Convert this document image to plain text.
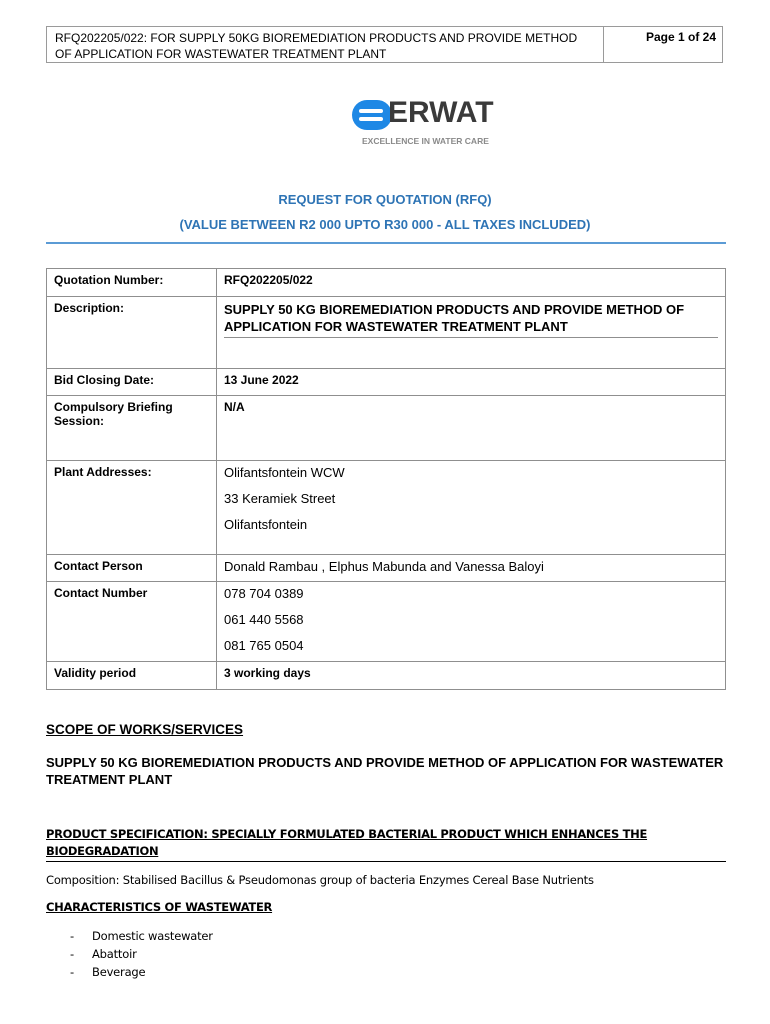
RFQ202205/022: FOR SUPPLY 50KG BIOREMEDIATION PRODUCTS AND PROVIDE METHOD OF APPLICATION FOR WASTEWATER TREATMENT PLANT
Page 1 of 24
ERWAT
EXCELLENCE IN WATER CARE
REQUEST FOR QUOTATION (RFQ)
(VALUE BETWEEN R2 000 UPTO R30 000 - ALL TAXES INCLUDED)
Quotation Number:	RFQ202205/022
Description:	SUPPLY 50 KG BIOREMEDIATION PRODUCTS AND PROVIDE METHOD OF APPLICATION FOR WASTEWATER TREATMENT PLANT

Bid Closing Date:	13 June 2022
Compulsory Briefing Session:	N/A
Plant Addresses:	Olifantsfontein WCW
33 Keramiek Street
Olifantsfontein

Contact Person	Donald Rambau , Elphus Mabunda and Vanessa Baloyi
Contact Number	078 704 0389
061 440 5568
081 765 0504

Validity period	3 working days
SCOPE OF WORKS/SERVICES
SUPPLY 50 KG BIOREMEDIATION PRODUCTS AND PROVIDE METHOD OF APPLICATION FOR WASTEWATER TREATMENT PLANT
PRODUCT SPECIFICATION: SPECIALLY FORMULATED BACTERIAL PRODUCT WHICH ENHANCES THE BIODEGRADATION
Composition: Stabilised Bacillus & Pseudomonas group of bacteria Enzymes Cereal Base Nutrients
CHARACTERISTICS OF WASTEWATER
- Domestic wastewater
- Abattoir
- Beverage
